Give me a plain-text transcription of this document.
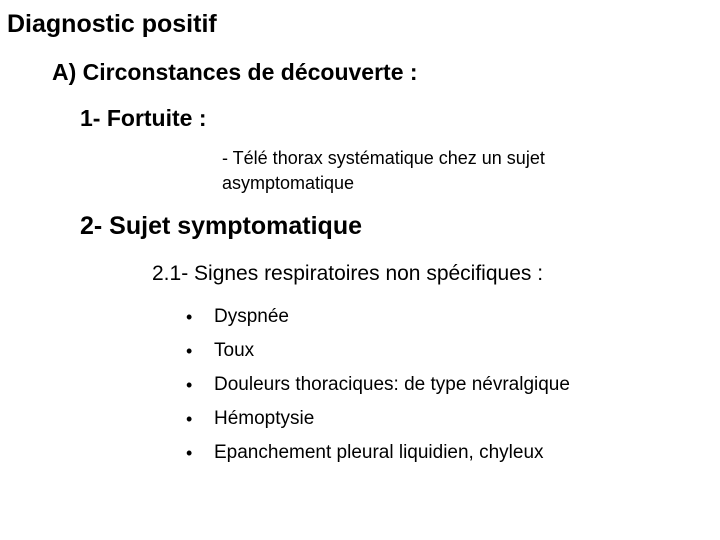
Diagnostic positif
A) Circonstances de découverte :
1- Fortuite :
- Télé thorax systématique chez un sujet asymptomatique
2- Sujet symptomatique
2.1- Signes respiratoires non spécifiques :
•	Dyspnée
•	Toux
•	Douleurs thoraciques: de type névralgique
•	Hémoptysie
•	Epanchement pleural liquidien, chyleux
